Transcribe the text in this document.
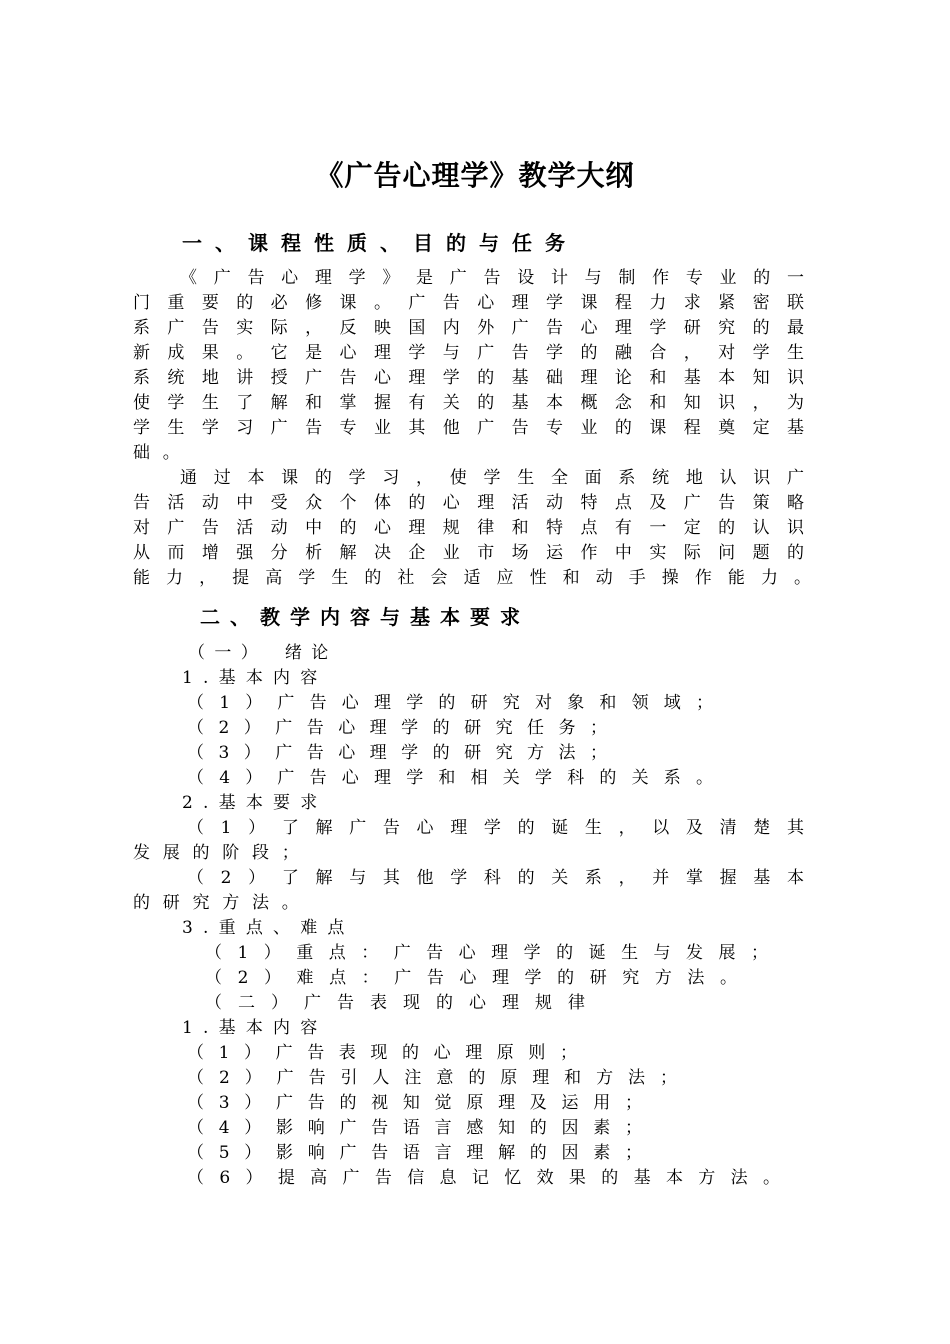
《广告心理学》教学大纲
一、课程性质、目的与任务
《广告心理学》是广告设计与制作专业的一
门重要的必修课。广告心理学课程力求紧密联
系广告实际，反映国内外广告心理学研究的最
新成果。它是心理学与广告学的融合，对学生
系统地讲授广告心理学的基础理论和基本知识
使学生了解和掌握有关的基本概念和知识，为
学生学习广告专业其他广告专业的课程奠定基
础。
通过本课的学习，使学生全面系统地认识广
告活动中受众个体的心理活动特点及广告策略
对广告活动中的心理规律和特点有一定的认识
从而增强分析解决企业市场运作中实际问题的
能力，提高学生的社会适应性和动手操作能力。
二、教学内容与基本要求
（一）　绪论
1.基本内容
（1）广告心理学的研究对象和领域；
（2）广告心理学的研究任务；
（3）广告心理学的研究方法；
（4）广告心理学和相关学科的关系。
2.基本要求
（1）了解广告心理学的诞生，以及清楚其
发展的阶段；
（2）了解与其他学科的关系，并掌握基本
的研究方法。
3.重点、难点
（1）重点：广告心理学的诞生与发展；
（2）难点：广告心理学的研究方法。
（二）广告表现的心理规律
1.基本内容
（1）广告表现的心理原则；
（2）广告引人注意的原理和方法；
（3）广告的视知觉原理及运用；
（4）影响广告语言感知的因素；
（5）影响广告语言理解的因素；
（6）提高广告信息记忆效果的基本方法。
